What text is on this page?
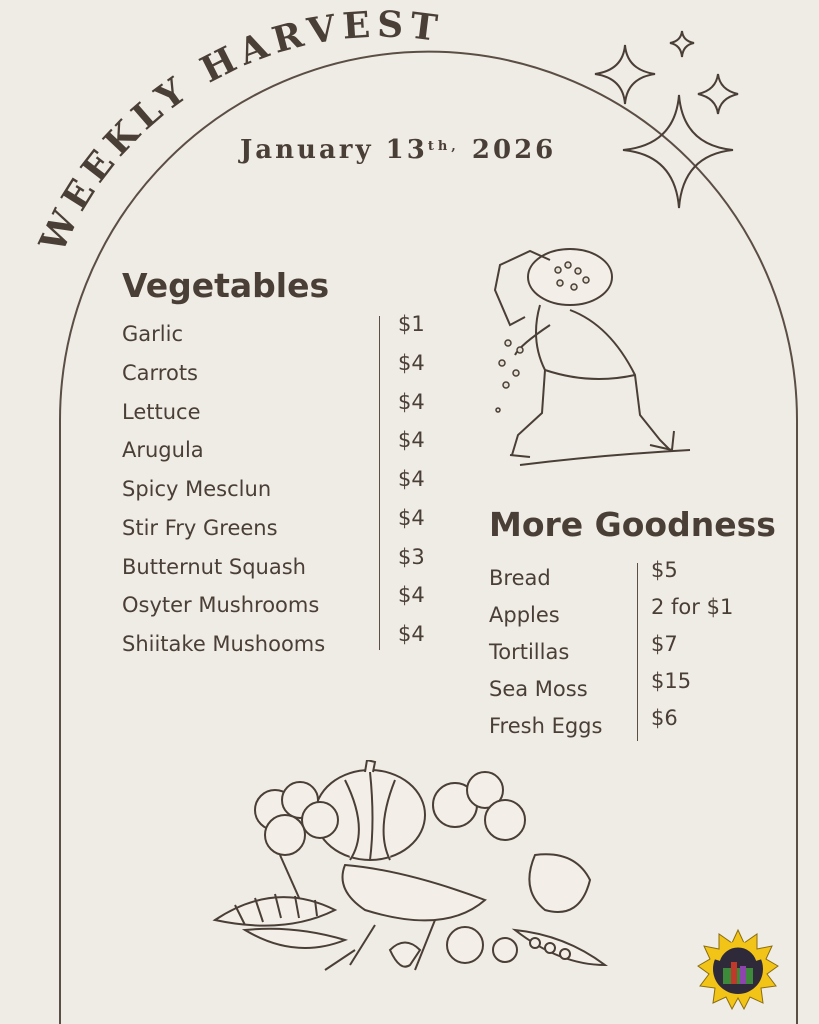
WEEKLY HARVEST
January $13^{th,}$ 2026
Vegetables
Garlic	$1
Carrots	$4
Lettuce	$4
Arugula	$4
Spicy Mesclun	$4
Stir Fry Greens	$4
Butternut Squash	$3
Osyter Mushrooms	$4
Shiitake Mushooms	$4
More Goodness
Bread	$5
Apples	2 for $1
Tortillas	$7
Sea Moss	$15
Fresh Eggs $6
